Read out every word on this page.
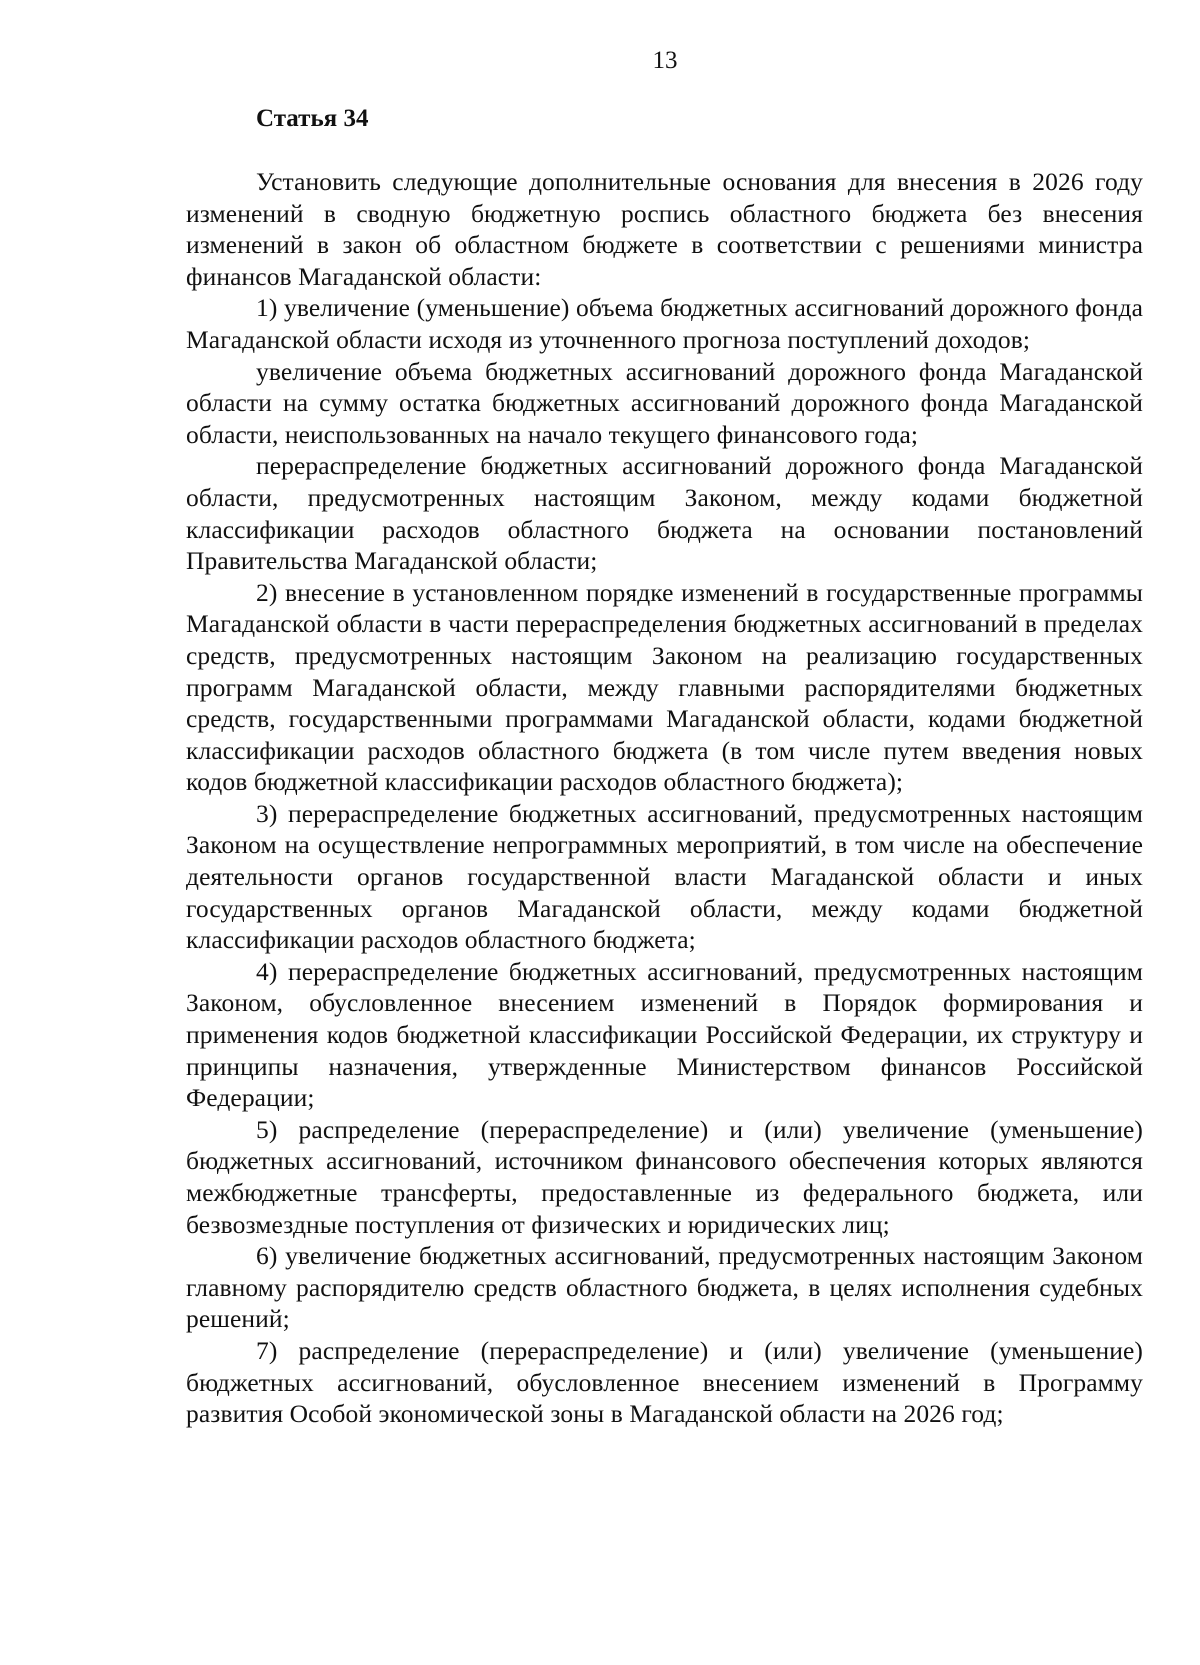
13
Статья 34

Установить следующие дополнительные основания для внесения в 2026 году изменений в сводную бюджетную роспись областного бюджета без внесения изменений в закон об областном бюджете в соответствии с решениями министра финансов Магаданской области:

1) увеличение (уменьшение) объема бюджетных ассигнований дорожного фонда Магаданской области исходя из уточненного прогноза поступлений доходов;

увеличение объема бюджетных ассигнований дорожного фонда Магаданской области на сумму остатка бюджетных ассигнований дорожного фонда Магаданской области, неиспользованных на начало текущего финансового года;

перераспределение бюджетных ассигнований дорожного фонда Магаданской области, предусмотренных настоящим Законом, между кодами бюджетной классификации расходов областного бюджета на основании постановлений Правительства Магаданской области;

2) внесение в установленном порядке изменений в государственные программы Магаданской области в части перераспределения бюджетных ассигнований в пределах средств, предусмотренных настоящим Законом на реализацию государственных программ Магаданской области, между главными распорядителями бюджетных средств, государственными программами Магаданской области, кодами бюджетной классификации расходов областного бюджета (в том числе путем введения новых кодов бюджетной классификации расходов областного бюджета);

3) перераспределение бюджетных ассигнований, предусмотренных настоящим Законом на осуществление непрограммных мероприятий, в том числе на обеспечение деятельности органов государственной власти Магаданской области и иных государственных органов Магаданской области, между кодами бюджетной классификации расходов областного бюджета;

4) перераспределение бюджетных ассигнований, предусмотренных настоящим Законом, обусловленное внесением изменений в Порядок формирования и применения кодов бюджетной классификации Российской Федерации, их структуру и принципы назначения, утвержденные Министерством финансов Российской Федерации;

5) распределение (перераспределение) и (или) увеличение (уменьшение) бюджетных ассигнований, источником финансового обеспечения которых являются межбюджетные трансферты, предоставленные из федерального бюджета, или безвозмездные поступления от физических и юридических лиц;

6) увеличение бюджетных ассигнований, предусмотренных настоящим Законом главному распорядителю средств областного бюджета, в целях исполнения судебных решений;

7) распределение (перераспределение) и (или) увеличение (уменьшение) бюджетных ассигнований, обусловленное внесением изменений в Программу развития Особой экономической зоны в Магаданской области на 2026 год;
